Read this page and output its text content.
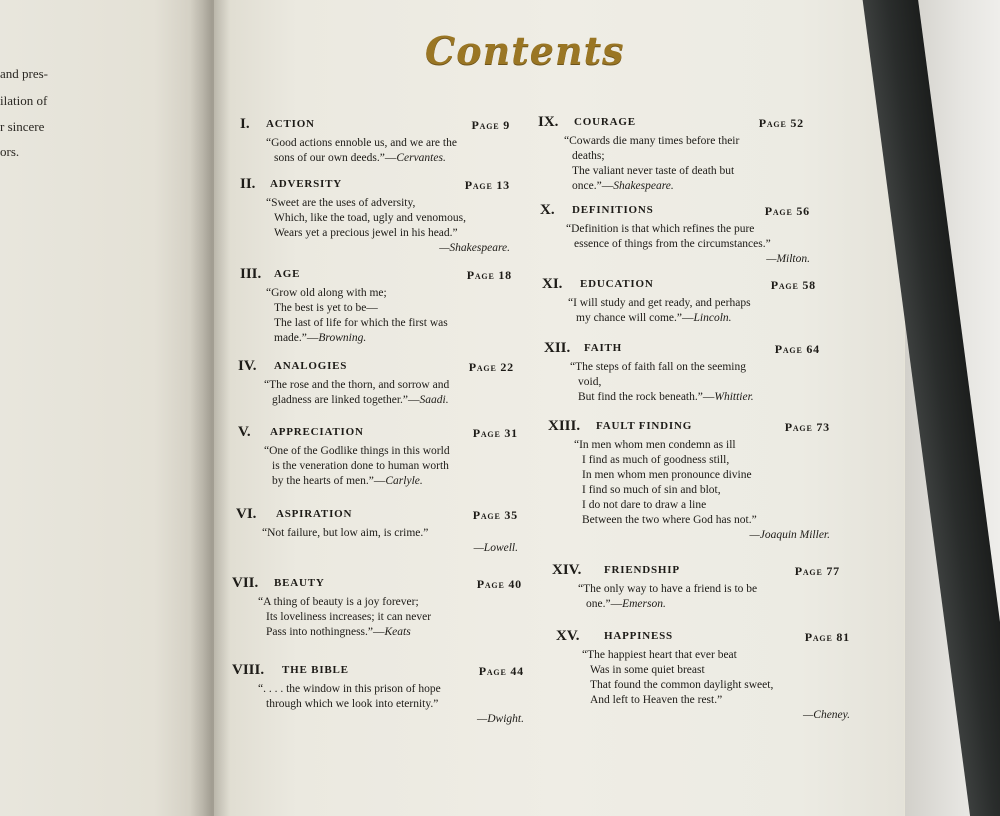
and pres-
ilation of
r sincere
ors.
Contents
I. ACTION	Page 9
“Good actions ennoble us, and we are the
sons of our own deeds.”—Cervantes.
II. ADVERSITY	Page 13
“Sweet are the uses of adversity,
Which, like the toad, ugly and venomous,
Wears yet a precious jewel in his head.”
—Shakespeare.
III. AGE	Page 18
“Grow old along with me;
The best is yet to be—
The last of life for which the first was
made.”—Browning.
IV. ANALOGIES	Page 22
“The rose and the thorn, and sorrow and
gladness are linked together.”—Saadi.
V. APPRECIATION	Page 31
“One of the Godlike things in this world
is the veneration done to human worth
by the hearts of men.”—Carlyle.
VI. ASPIRATION	Page 35
“Not failure, but low aim, is crime.”
—Lowell.
VII. BEAUTY	Page 40
“A thing of beauty is a joy forever;
Its loveliness increases; it can never
Pass into nothingness.”—Keats
VIII. THE BIBLE	Page 44
“. . . . the window in this prison of hope
through which we look into eternity.”
—Dwight.
IX. COURAGE	Page 52
“Cowards die many times before their
deaths;
The valiant never taste of death but
once.”—Shakespeare.
X. DEFINITIONS	Page 56
“Definition is that which refines the pure
essence of things from the circumstances.”
—Milton.
XI. EDUCATION	Page 58
“I will study and get ready, and perhaps
my chance will come.”—Lincoln.
XII. FAITH	Page 64
“The steps of faith fall on the seeming
void,
But find the rock beneath.”—Whittier.
XIII. FAULT FINDING	Page 73
“In men whom men condemn as ill
I find as much of goodness still,
In men whom men pronounce divine
I find so much of sin and blot,
I do not dare to draw a line
Between the two where God has not.”
—Joaquin Miller.
XIV. FRIENDSHIP	Page 77
“The only way to have a friend is to be
one.”—Emerson.
XV. HAPPINESS	Page 81
“The happiest heart that ever beat
Was in some quiet breast
That found the common daylight sweet,
And left to Heaven the rest.”
—Cheney.
